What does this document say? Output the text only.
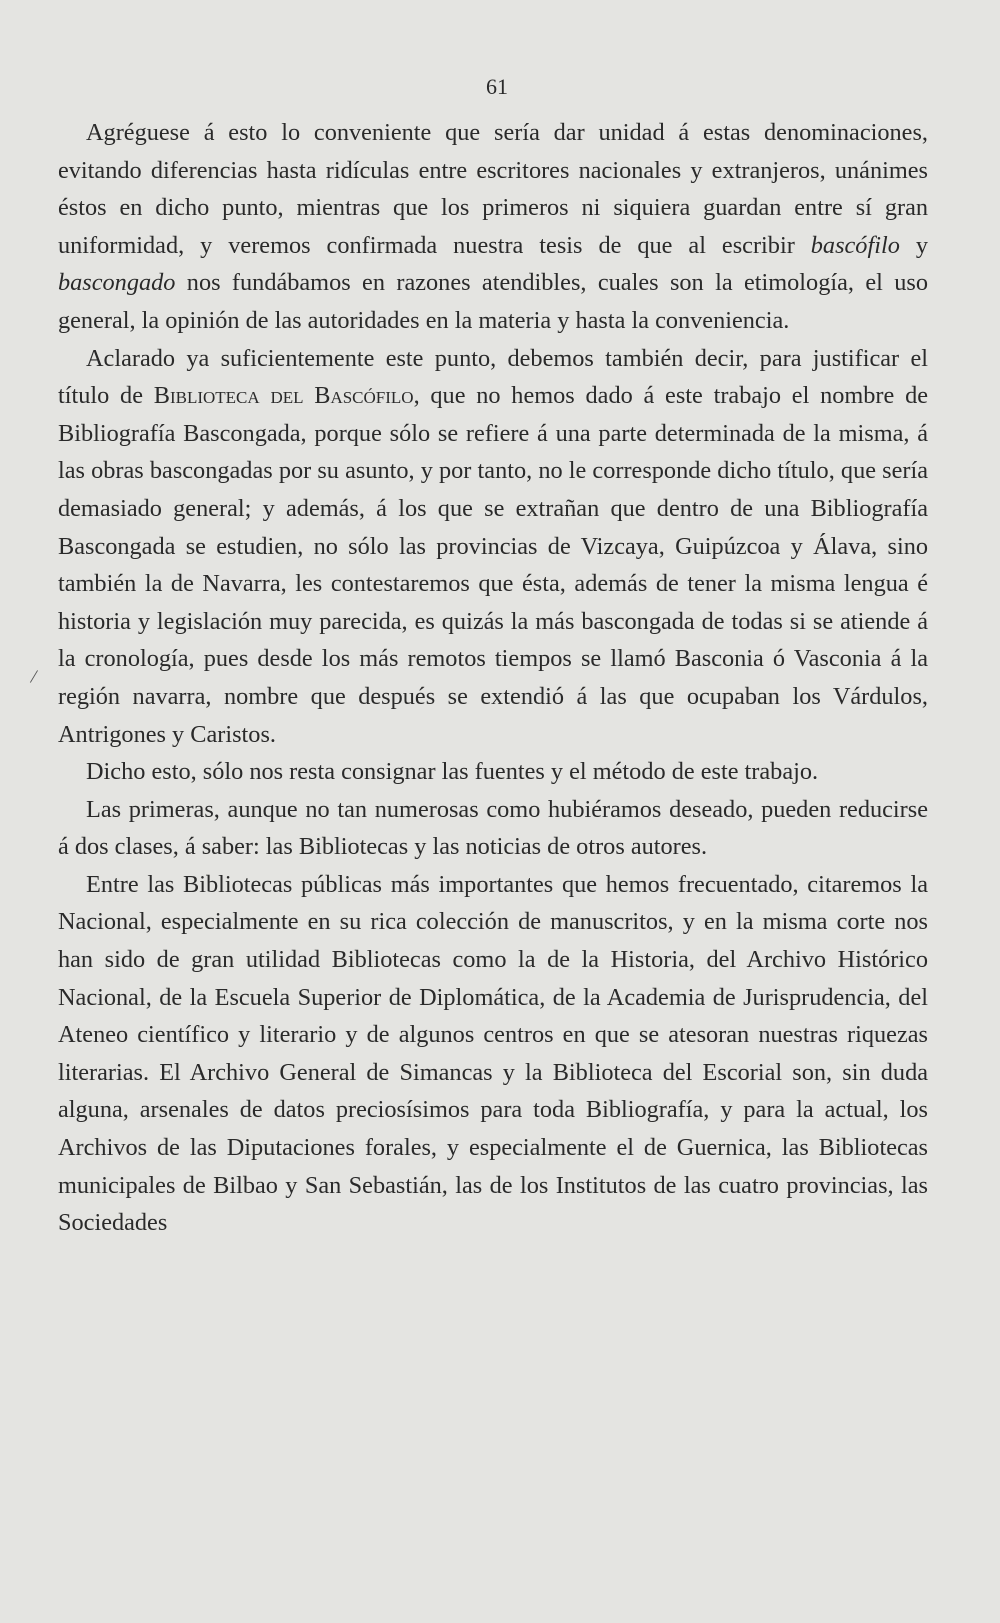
61

Agréguese á esto lo conveniente que sería dar unidad á estas denominaciones, evitando diferencias hasta ridículas entre escritores nacionales y extranjeros, unánimes éstos en dicho punto, mientras que los primeros ni siquiera guardan entre sí gran uniformidad, y veremos confirmada nuestra tesis de que al escribir bascófilo y bascongado nos fundábamos en razones atendibles, cuales son la etimología, el uso general, la opinión de las autoridades en la materia y hasta la conveniencia.

Aclarado ya suficientemente este punto, debemos también decir, para justificar el título de Biblioteca del Bascófilo, que no hemos dado á este trabajo el nombre de Bibliografía Bascongada, porque sólo se refiere á una parte determinada de la misma, á las obras bascongadas por su asunto, y por tanto, no le corresponde dicho título, que sería demasiado general; y además, á los que se extrañan que dentro de una Bibliografía Bascongada se estudien, no sólo las provincias de Vizcaya, Guipúzcoa y Álava, sino también la de Navarra, les contestaremos que ésta, además de tener la misma lengua é historia y legislación muy parecida, es quizás la más bascongada de todas si se atiende á la cronología, pues desde los más remotos tiempos se llamó Basconia ó Vasconia á la región navarra, nombre que después se extendió á las que ocupaban los Várdulos, Antrigones y Caristos.

Dicho esto, sólo nos resta consignar las fuentes y el método de este trabajo.

Las primeras, aunque no tan numerosas como hubiéramos deseado, pueden reducirse á dos clases, á saber: las Bibliotecas y las noticias de otros autores.

Entre las Bibliotecas públicas más importantes que hemos frecuentado, citaremos la Nacional, especialmente en su rica colección de manuscritos, y en la misma corte nos han sido de gran utilidad Bibliotecas como la de la Historia, del Archivo Histórico Nacional, de la Escuela Superior de Diplomática, de la Academia de Jurisprudencia, del Ateneo científico y literario y de algunos centros en que se atesoran nuestras riquezas literarias. El Archivo General de Simancas y la Biblioteca del Escorial son, sin duda alguna, arsenales de datos preciosísimos para toda Bibliografía, y para la actual, los Archivos de las Diputaciones forales, y especialmente el de Guernica, las Bibliotecas municipales de Bilbao y San Sebastián, las de los Institutos de las cuatro provincias, las Sociedades

/
